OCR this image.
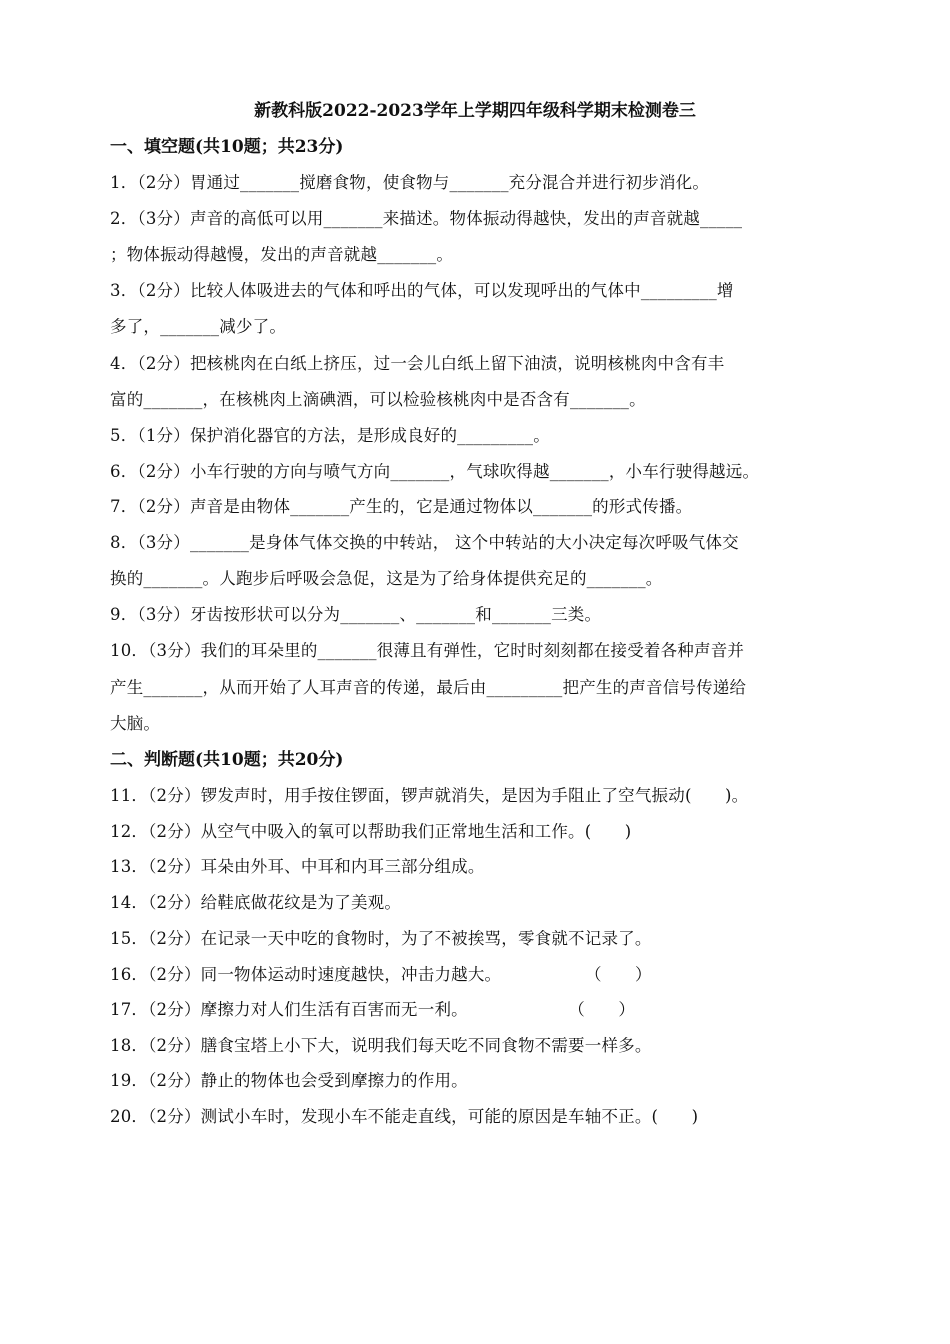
新教科版2022-2023学年上学期四年级科学期末检测卷三
一、填空题(共10题；共23分)
1．（2分）胃通过_______搅磨食物，使食物与_______充分混合并进行初步消化。
2．（3分）声音的高低可以用_______来描述。物体振动得越快，发出的声音就越_____
；物体振动得越慢，发出的声音就越_______。
3．（2分）比较人体吸进去的气体和呼出的气体，可以发现呼出的气体中_________增
多了，_______减少了。
4．（2分）把核桃肉在白纸上挤压，过一会儿白纸上留下油渍，说明核桃肉中含有丰
富的_______，在核桃肉上滴碘酒，可以检验核桃肉中是否含有_______。
5．（1分）保护消化器官的方法，是形成良好的_________。
6．（2分）小车行驶的方向与喷气方向_______，气球吹得越_______，小车行驶得越远。
7．（2分）声音是由物体_______产生的，它是通过物体以_______的形式传播。
8．（3分）_______是身体气体交换的中转站， 这个中转站的大小决定每次呼吸气体交
换的_______。人跑步后呼吸会急促，这是为了给身体提供充足的_______。
9．（3分）牙齿按形状可以分为_______、_______和_______三类。
10．（3分）我们的耳朵里的_______很薄且有弹性，它时时刻刻都在接受着各种声音并
产生_______，从而开始了人耳声音的传递，最后由_________把产生的声音信号传递给
大脑。
二、判断题(共10题；共20分)
11．（2分）锣发声时，用手按住锣面，锣声就消失，是因为手阻止了空气振动(　　)。
12．（2分）从空气中吸入的氧可以帮助我们正常地生活和工作。(　　)
13．（2分）耳朵由外耳、中耳和内耳三部分组成。
14．（2分）给鞋底做花纹是为了美观。
15．（2分）在记录一天中吃的食物时，为了不被挨骂，零食就不记录了。
16．（2分）同一物体运动时速度越快，冲击力越大。　　　　　　（　　）
17．（2分）摩擦力对人们生活有百害而无一利。　　　　　　　（　　）
18．（2分）膳食宝塔上小下大，说明我们每天吃不同食物不需要一样多。
19．（2分）静止的物体也会受到摩擦力的作用。
20．（2分）测试小车时，发现小车不能走直线，可能的原因是车轴不正。(　　)
